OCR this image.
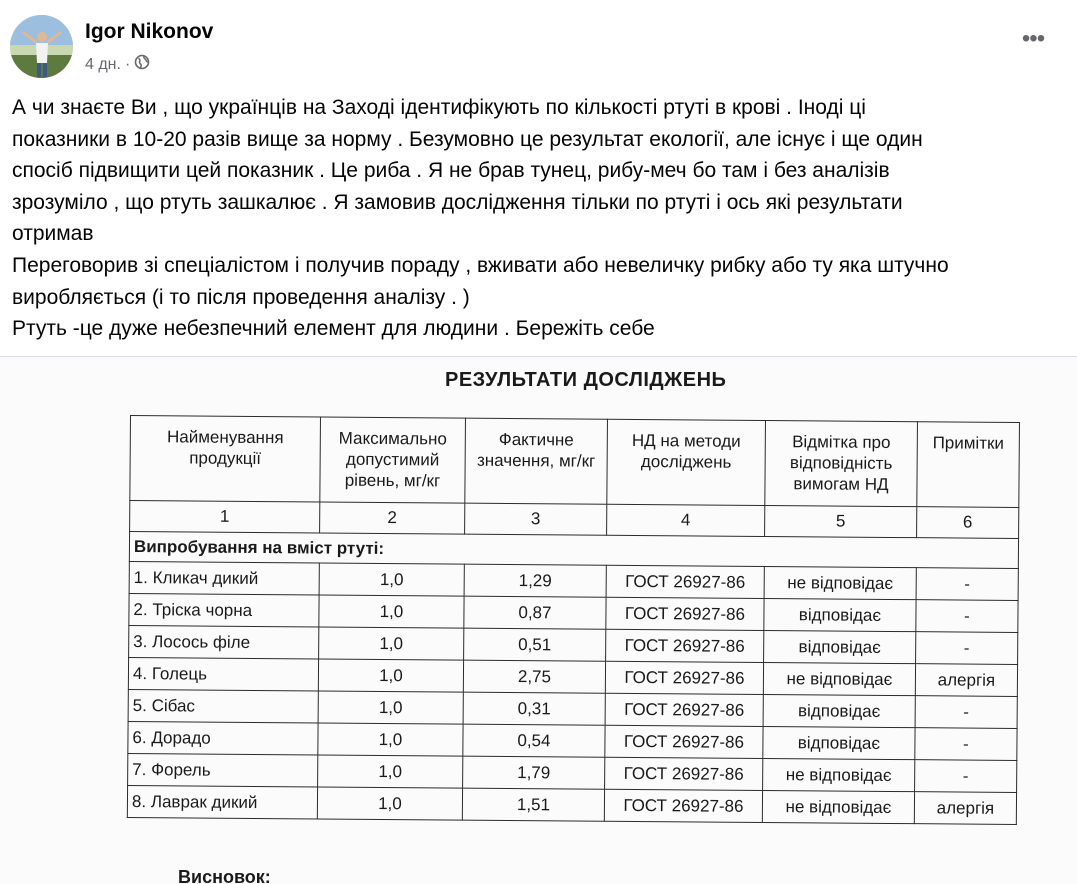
Igor Nikonov
4 дн. ·
•••

А чи знаєте Ви , що українців на Заході ідентифікують по кількості ртуті в крові . Іноді ці

показники в 10-20 разів вище за норму . Безумовно це результат екології, але існує і ще один

спосіб підвищити цей показник . Це риба . Я не брав тунец, рибу-меч бо там і без аналізів

зрозуміло , що ртуть зашкалює . Я замовив дослідження тільки по ртуті і ось які результати

отримав

Переговорив зі спеціалістом і получив пораду , вживати або невеличку рибку або ту яка штучно

виробляється (і то після проведення аналізу . )

Ртуть -це дуже небезпечний елемент для людини . Бережіть себе

РЕЗУЛЬТАТИ ДОСЛІДЖЕНЬ
Найменування продукції	Максимально допустимий рівень, мг/кг	Фактичне значення, мг/кг	НД на методи досліджень	Відмітка про відповідність вимогам НД	Примітки
1	2	3	4	5	6
Випробування на вміст ртуті:					
1. Кликач дикий	1,0	1,29	ГОСТ 26927-86	не відповідає	-
2. Тріска чорна	1,0	0,87	ГОСТ 26927-86	відповідає	-
3. Лосось філе	1,0	0,51	ГОСТ 26927-86	відповідає	-
4. Голець	1,0	2,75	ГОСТ 26927-86	не відповідає	алергія
5. Сібас	1,0	0,31	ГОСТ 26927-86	відповідає	-
6. Дорадо	1,0	0,54	ГОСТ 26927-86	відповідає	-
7. Форель	1,0	1,79	ГОСТ 26927-86	не відповідає	-
8. Лаврак дикий	1,0	1,51	ГОСТ 26927-86	не відповідає	алергія
Висновок:
